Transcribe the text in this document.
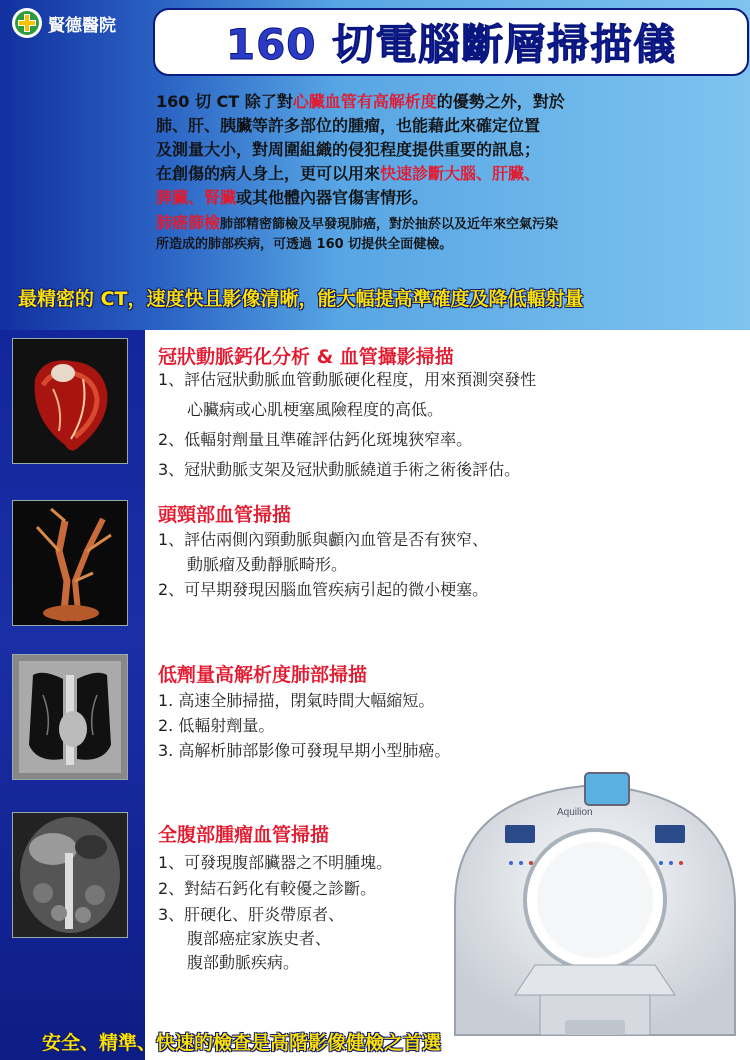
賢德醫院	160 切電腦斷層掃描儀

160 切 CT 除了對心臟血管有高解析度的優勢之外，對於

肺、肝、胰臟等許多部位的腫瘤，也能藉此來確定位置

及測量大小，對周圍組織的侵犯程度提供重要的訊息；

在創傷的病人身上，更可以用來快速診斷大腦、肝臟、

脾臟、腎臟或其他體內器官傷害情形。

肺癌篩檢肺部精密篩檢及早發現肺癌，對於抽菸以及近年來空氣污染
所造成的肺部疾病，可透過 160 切提供全面健檢。
最精密的 CT，速度快且影像清晰，能大幅提高準確度及降低輻射量
冠狀動脈鈣化分析 & 血管攝影掃描
1、評估冠狀動脈血管動脈硬化程度，用來預測突發性
心臟病或心肌梗塞風險程度的高低。
2、低輻射劑量且準確評估鈣化斑塊狹窄率。
3、冠狀動脈支架及冠狀動脈繞道手術之術後評估。
頭頸部血管掃描
1、評估兩側內頸動脈與顱內血管是否有狹窄、
動脈瘤及動靜脈畸形。
2、可早期發現因腦血管疾病引起的微小梗塞。
低劑量高解析度肺部掃描
1. 高速全肺掃描，閉氣時間大幅縮短。
2. 低輻射劑量。
3. 高解析肺部影像可發現早期小型肺癌。
全腹部腫瘤血管掃描
1、可發現腹部臟器之不明腫塊。
2、對結石鈣化有較優之診斷。
3、肝硬化、肝炎帶原者、
腹部癌症家族史者、
腹部動脈疾病。
Aquilion
安全、精準、快速的檢查是高階影像健檢之首選
